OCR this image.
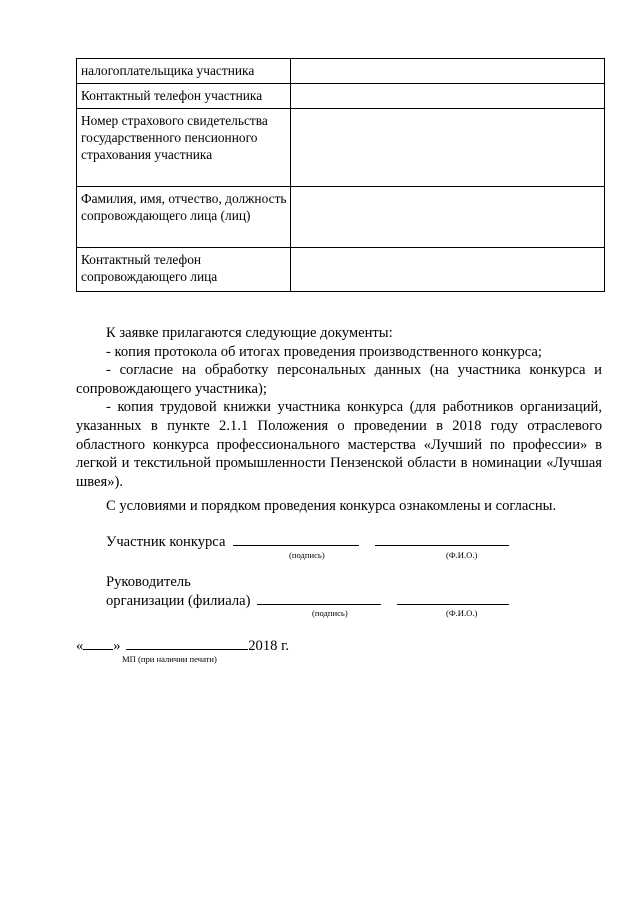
налогоплательщика участника	
Контактный телефон участника	
Номер страхового свидетельства государственного пенсионного страхования участника	
Фамилия, имя, отчество, должность сопровождающего лица (лиц)	
Контактный телефон сопровождающего лица	

К заявке прилагаются следующие документы:

- копия протокола об итогах проведения производственного конкурса;

- согласие на обработку персональных данных (на участника конкурса и сопровождающего участника);

- копия трудовой книжки участника конкурса (для работников организаций, указанных в пункте 2.1.1 Положения о проведении в 2018 году отраслевого областного конкурса профессионального мастерства «Лучший по профессии» в легкой и текстильной промышленности Пензенской области в номинации «Лучшая швея»).

С условиями и порядком проведения конкурса ознакомлены и согласны.

Участник конкурса
(подпись)	(Ф.И.О.)
Руководитель
организации (филиала)
(подпись)	(Ф.И.О.)
« »	2018 г.
МП (при наличии печати)
